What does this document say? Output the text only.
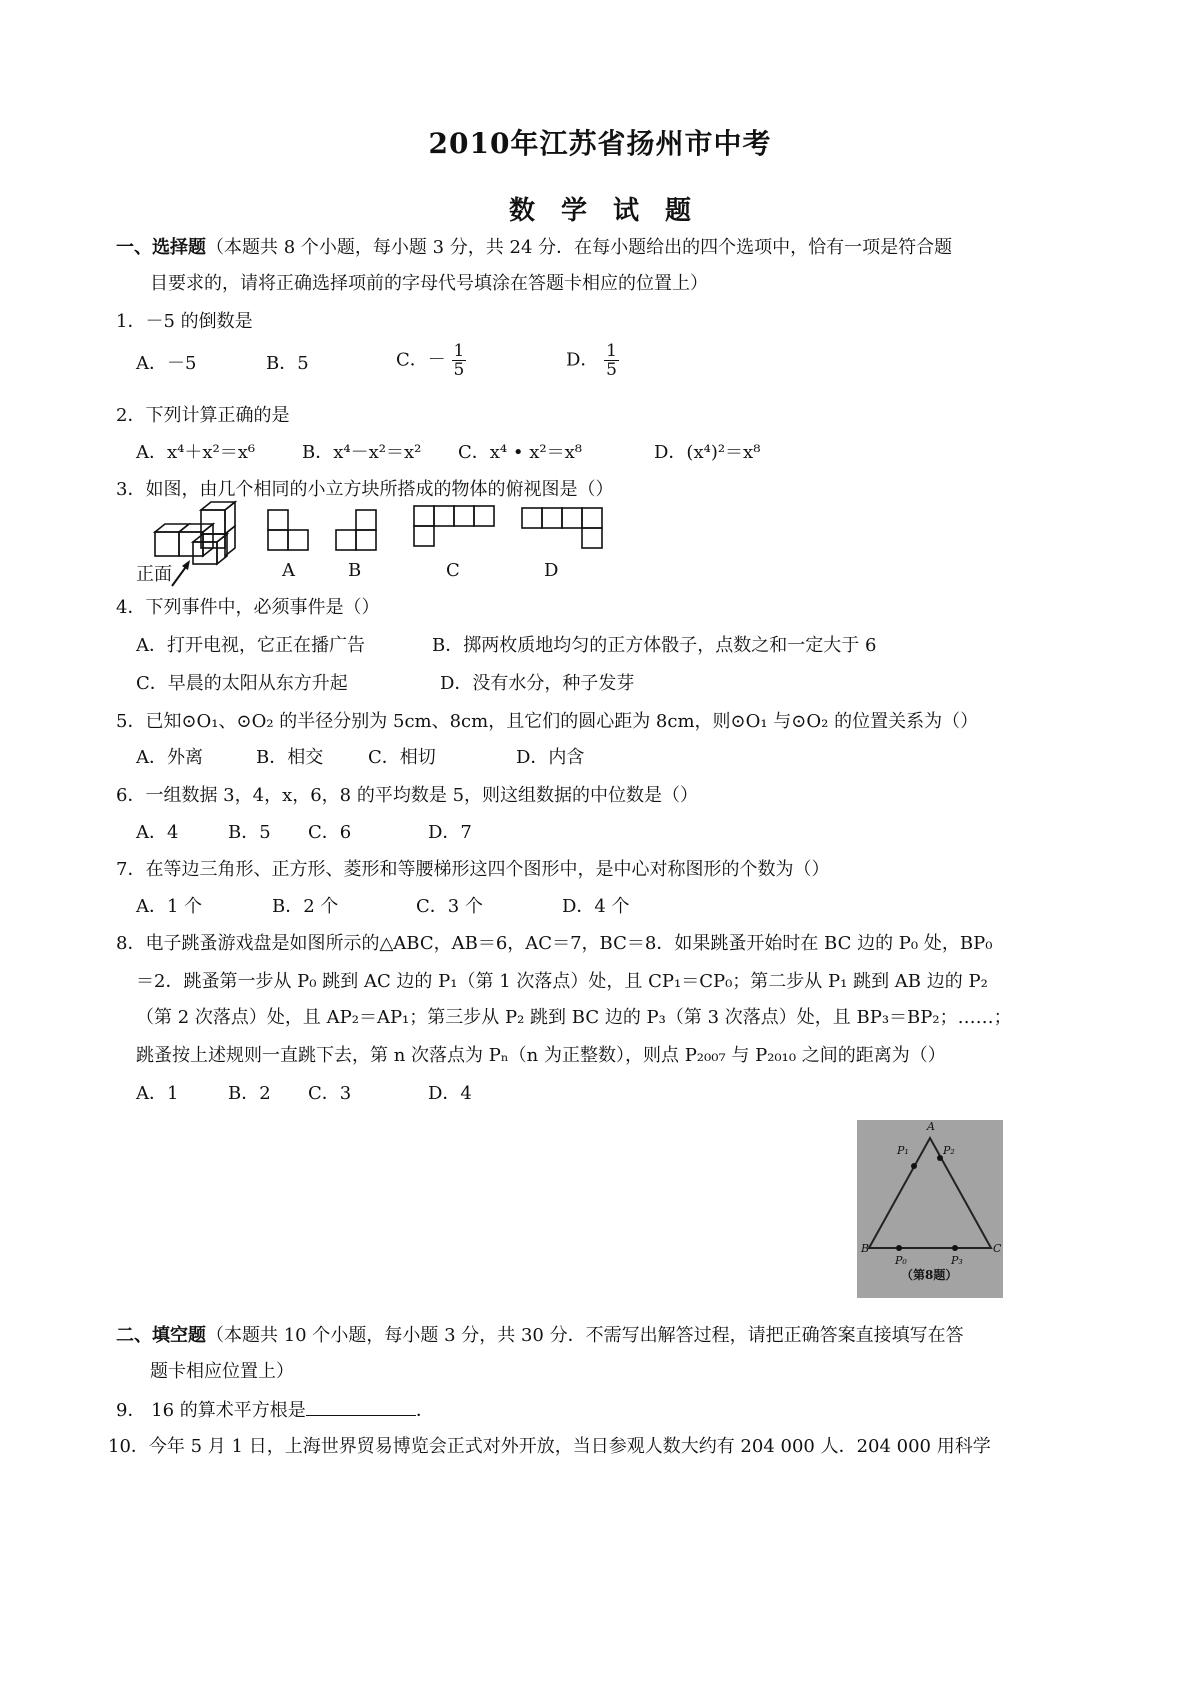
2010年江苏省扬州市中考
数学试题
一、选择题（本题共 8 个小题，每小题 3 分，共 24 分．在每小题给出的四个选项中，恰有一项是符合题
目要求的，请将正确选择项前的字母代号填涂在答题卡相应的位置上）
1．－5 的倒数是
A．－5	B．5	C．－ $\frac{1}{5}$	D． $\frac{1}{5}$
2．下列计算正确的是
A．x⁴＋x²＝x⁶	B．x⁴－x²＝x² C．x⁴ • x²＝x⁸	D．(x⁴)²＝x⁸
3．如图，由几个相同的小立方块所搭成的物体的俯视图是（）
正面	A	B	C	D
4．下列事件中，必须事件是（）
A．打开电视，它正在播广告	B．掷两枚质地均匀的正方体骰子，点数之和一定大于 6
C．早晨的太阳从东方升起	D．没有水分，种子发芽
5．已知⊙O₁、⊙O₂ 的半径分别为 5cm、8cm，且它们的圆心距为 8cm，则⊙O₁ 与⊙O₂ 的位置关系为（）
A．外离	B．相交 C．相切	D．内含
6．一组数据 3，4，x，6，8 的平均数是 5，则这组数据的中位数是（）
A．4	B．5 C．6	D．7
7．在等边三角形、正方形、菱形和等腰梯形这四个图形中，是中心对称图形的个数为（）
A．1 个	B．2 个	C．3 个	D．4 个
8．电子跳蚤游戏盘是如图所示的△ABC，AB＝6，AC＝7，BC＝8．如果跳蚤开始时在 BC 边的 P₀ 处，BP₀
＝2．跳蚤第一步从 P₀ 跳到 AC 边的 P₁（第 1 次落点）处，且 CP₁＝CP₀；第二步从 P₁ 跳到 AB 边的 P₂
（第 2 次落点）处，且 AP₂＝AP₁；第三步从 P₂ 跳到 BC 边的 P₃（第 3 次落点）处，且 BP₃＝BP₂；……；
跳蚤按上述规则一直跳下去，第 n 次落点为 Pₙ（n 为正整数），则点 P₂₀₀₇ 与 P₂₀₁₀ 之间的距离为（）
A．1	B．2 C．3	D．4
A
P₁	P₂
B
P₀	P₃
C
（第8题）
二、填空题（本题共 10 个小题，每小题 3 分，共 30 分．不需写出解答过程，请把正确答案直接填写在答
题卡相应位置上）
9． 16 的算术平方根是	．
10．今年 5 月 1 日，上海世界贸易博览会正式对外开放，当日参观人数大约有 204 000 人．204 000 用科学
